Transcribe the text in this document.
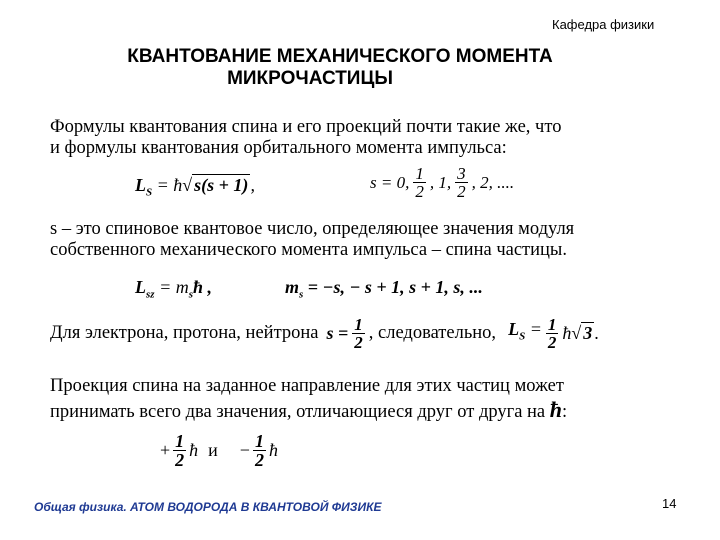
Кафедра физики
КВАНТОВАНИЕ МЕХАНИЧЕСКОГО МОМЕНТА
МИКРОЧАСТИЦЫ
Формулы квантования спина и его проекций почти такие же, что
и формулы квантования орбитального момента импульса:
$L_S$ = ħ√ s(s + 1) ,	s = 0, $\frac{1}{2}$ , 1, $\frac{3}{2}$ , 2, ....
s – это спиновое квантовое число, определяющее значения модуля
собственного механического момента импульса – спина частицы.
$L_{sz}$ = $m_sħ$ ,	$m_s = -s$, − s + 1, s + 1, s, ...
Для электрона, протона, нейтрона $s = \frac{1}{2}$ , следовательно, $L_S = \frac{1}{2}$ ħ√ 3 .
Проекция спина на заданное направление для этих частиц может
принимать всего два значения, отличающиеся друг от друга на ħ:
+ $\frac{1}{2}$ ħ $и - \frac{1}{2}$ ħ
Общая физика. АТОМ ВОДОРОДА В КВАНТОВОЙ ФИЗИКЕ	14
